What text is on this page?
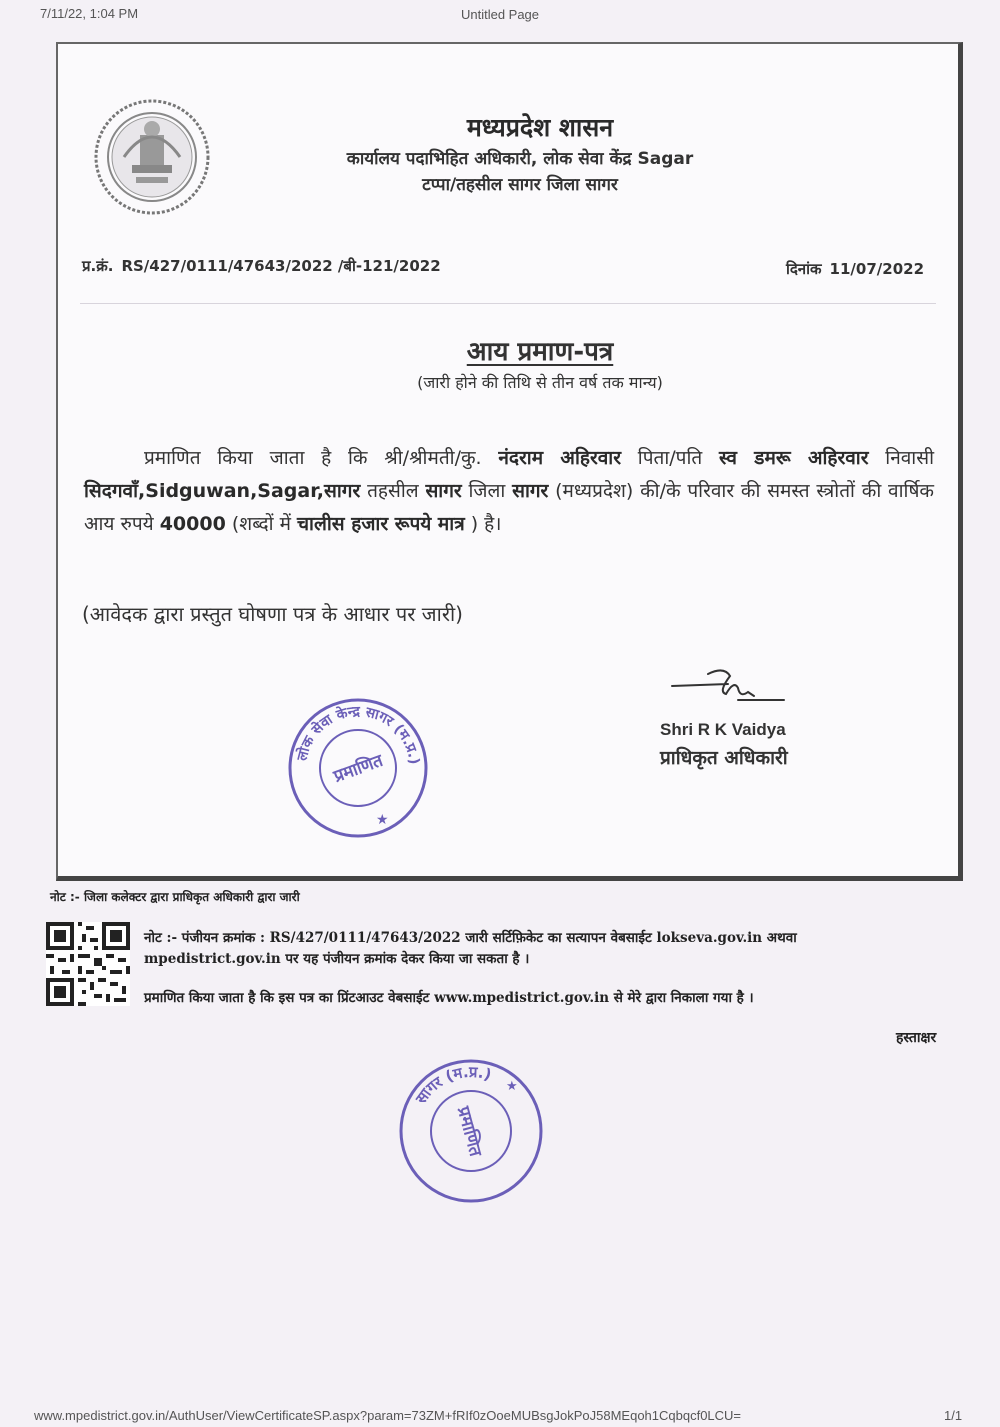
7/11/22, 1:04 PM	Untitled Page
मध्यप्रदेश शासन
कार्यालय पदाभिहित अधिकारी, लोक सेवा केंद्र Sagar
टप्पा/तहसील सागर जिला सागर
प्र.क्रं. RS/427/0111/47643/2022 /बी-121/2022	दिनांक 11/07/2022
आय प्रमाण-पत्र
(जारी होने की तिथि से तीन वर्ष तक मान्य)
प्रमाणित किया जाता है कि श्री/श्रीमती/कु. नंदराम अहिरवार पिता/पति स्व डमरू अहिरवार निवासी सिदगवाँ,Sidguwan,Sagar,सागर तहसील सागर जिला सागर (मध्यप्रदेश) की/के परिवार की समस्त स्त्रोतों की वार्षिक आय रुपये 40000 (शब्दों में चालीस हजार रूपये मात्र ) है।
(आवेदक द्वारा प्रस्तुत घोषणा पत्र के आधार पर जारी)
Shri R K Vaidya
प्राधिकृत अधिकारी
लोक सेवा केन्द्र सागर (म.प्र.)
प्रमाणित
★
नोट :- जिला कलेक्टर द्वारा प्राधिकृत अधिकारी द्वारा जारी
नोट :- पंजीयन क्रमांक : RS/427/0111/47643/2022 जारी सर्टिफ़िकेट का सत्यापन वेबसाईट lokseva.gov.in अथवा mpedistrict.gov.in पर यह पंजीयन क्रमांक देकर किया जा सकता है ।
प्रमाणित किया जाता है कि इस पत्र का प्रिंटआउट वेबसाईट www.mpedistrict.gov.in से मेरे द्वारा निकाला गया है ।
हस्ताक्षर
सागर (म.प्र.)
प्रमाणित
★
www.mpedistrict.gov.in/AuthUser/ViewCertificateSP.aspx?param=73ZM+fRIf0zOoeMUBsgJokPoJ58MEqoh1Cqbqcf0LCU=	1/1
